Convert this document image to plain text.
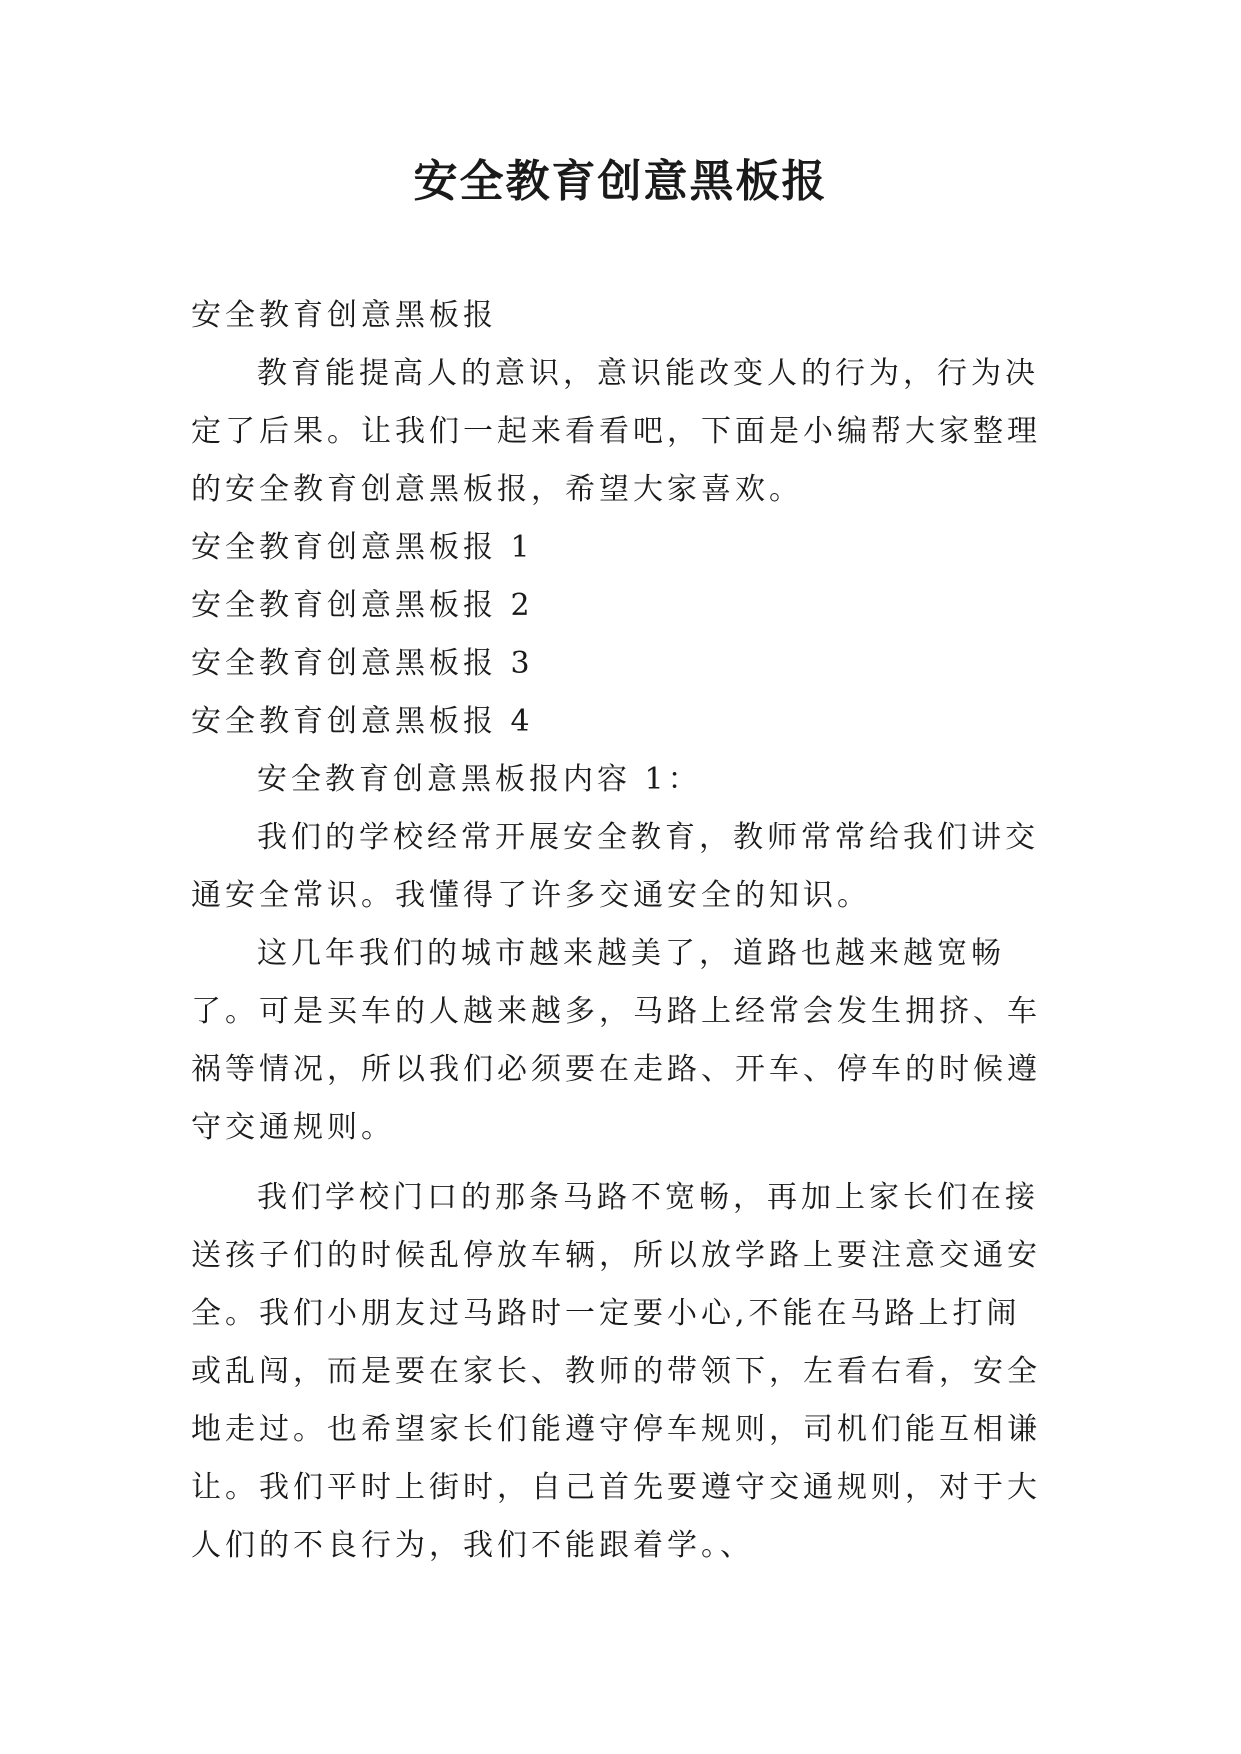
安全教育创意黑板报

安全教育创意黑板报

教育能提高人的意识，意识能改变人的行为，行为决定了后果。让我们一起来看看吧，下面是小编帮大家整理的安全教育创意黑板报，希望大家喜欢。

安全教育创意黑板报 1

安全教育创意黑板报 2

安全教育创意黑板报 3

安全教育创意黑板报 4

安全教育创意黑板报内容 1：

我们的学校经常开展安全教育，教师常常给我们讲交通安全常识。我懂得了许多交通安全的知识。

这几年我们的城市越来越美了，道路也越来越宽畅了。可是买车的人越来越多，马路上经常会发生拥挤、车祸等情况，所以我们必须要在走路、开车、停车的时候遵守交通规则。

我们学校门口的那条马路不宽畅，再加上家长们在接送孩子们的时候乱停放车辆，所以放学路上要注意交通安全。我们小朋友过马路时一定要小心,不能在马路上打闹或乱闯，而是要在家长、教师的带领下，左看右看，安全地走过。也希望家长们能遵守停车规则，司机们能互相谦让。我们平时上街时，自己首先要遵守交通规则，对于大人们的不良行为，我们不能跟着学。、
